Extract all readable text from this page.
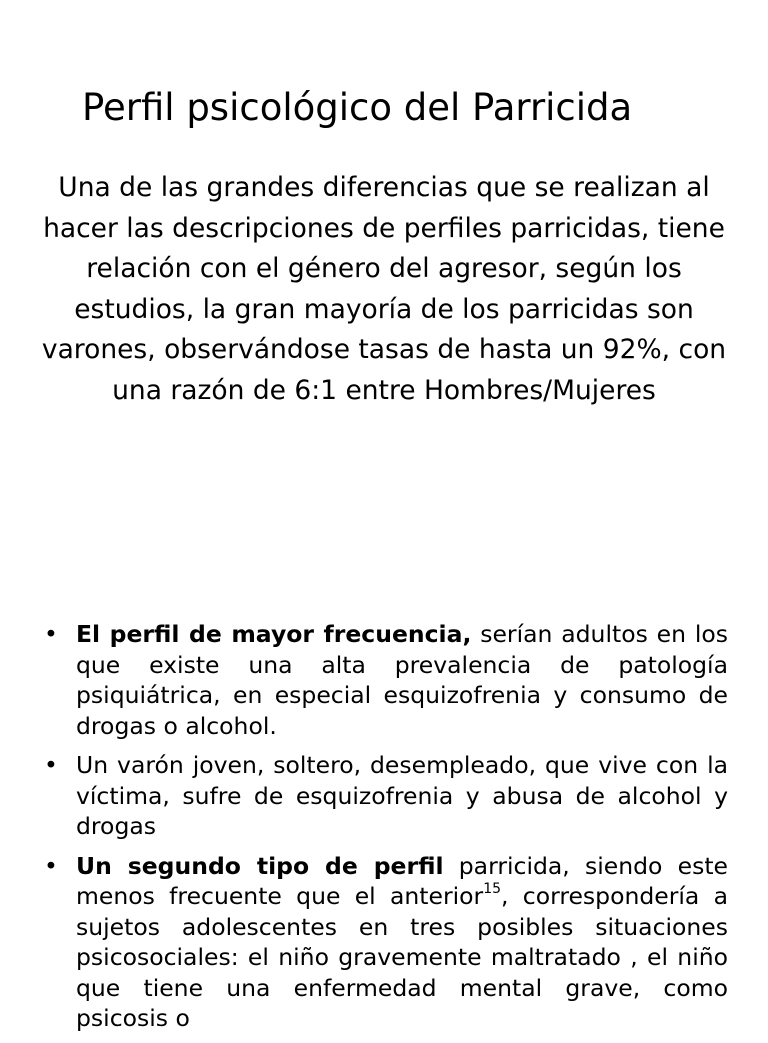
Perfil psicológico del Parricida

Una de las grandes diferencias que se realizan al hacer las descripciones de perfiles parricidas, tiene relación con el género del agresor, según los estudios, la gran mayoría de los parricidas son varones, observándose tasas de hasta un 92%, con una razón de 6:1 entre Hombres/Mujeres

• El perfil de mayor frecuencia, serían adultos en los que existe una alta prevalencia de patología psiquiátrica, en especial esquizofrenia y consumo de drogas o alcohol.
• Un varón joven, soltero, desempleado, que vive con la víctima, sufre de esquizofrenia y abusa de alcohol y drogas
• Un segundo tipo de perfil parricida, siendo este menos frecuente que el anterior$^{15}$, correspondería a sujetos adolescentes en tres posibles situaciones psicosociales: el niño gravemente maltratado , el niño que tiene una enfermedad mental grave, como psicosis o
